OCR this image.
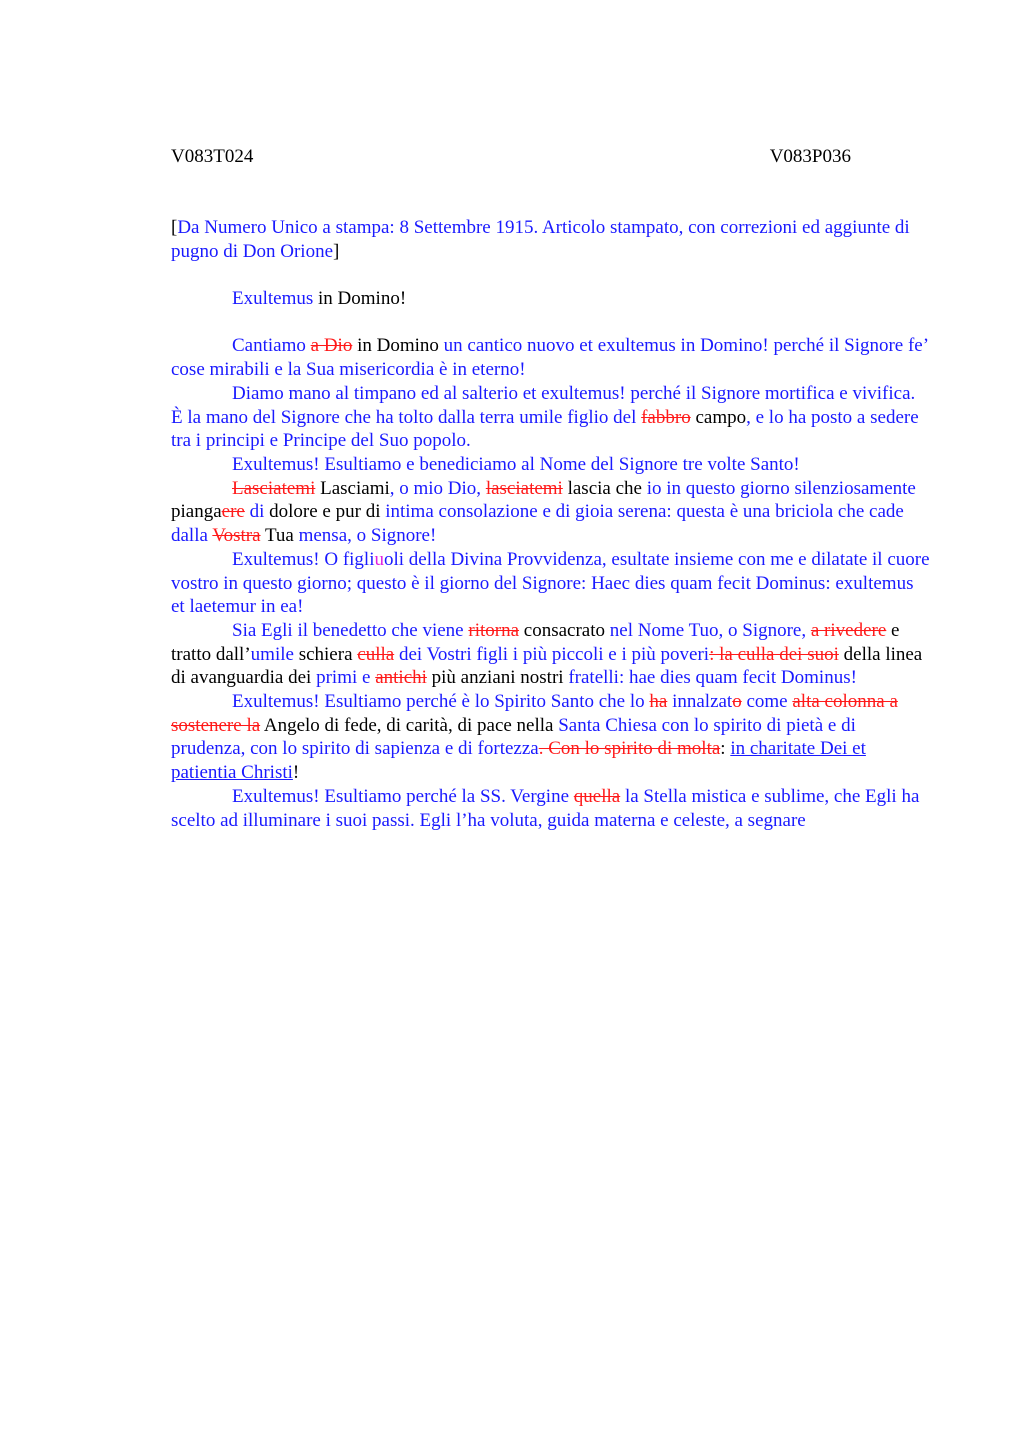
V083T024	V083P036

[Da Numero Unico a stampa: 8 Settembre 1915. Articolo stampato, con correzioni ed aggiunte di pugno di Don Orione]

Exultemus in Domino!

Cantiamo a Dio in Domino un cantico nuovo et exultemus in Domino! perché il Signore fe’ cose mirabili e la Sua misericordia è in eterno!

Diamo mano al timpano ed al salterio et exultemus! perché il Signore mortifica e vivifica. È la mano del Signore che ha tolto dalla terra umile figlio del fabbro campo, e lo ha posto a sedere tra i principi e Principe del Suo popolo.

Exultemus! Esultiamo e benediciamo al Nome del Signore tre volte Santo!

Lasciatemi Lasciami, o mio Dio, lasciatemi lascia che io in questo giorno silenziosamente piangaere di dolore e pur di intima consolazione e di gioia serena: questa è una briciola che cade dalla Vostra Tua mensa, o Signore!

Exultemus! O figliuoli della Divina Provvidenza, esultate insieme con me e dilatate il cuore vostro in questo giorno; questo è il giorno del Signore: Haec dies quam fecit Dominus: exultemus et laetemur in ea!

Sia Egli il benedetto che viene ritorna consacrato nel Nome Tuo, o Signore, a rivedere e tratto dall’umile schiera culla dei Vostri figli i più piccoli e i più poveri: la culla dei suoi della linea di avanguardia dei primi e antichi più anziani nostri fratelli: hae dies quam fecit Dominus!

Exultemus! Esultiamo perché è lo Spirito Santo che lo ha innalzato come alta colonna a sostenere la Angelo di fede, di carità, di pace nella Santa Chiesa con lo spirito di pietà e di prudenza, con lo spirito di sapienza e di fortezza. Con lo spirito di molta: in charitate Dei et patientia Christi!

Exultemus! Esultiamo perché la SS. Vergine quella la Stella mistica e sublime, che Egli ha scelto ad illuminare i suoi passi. Egli l’ha voluta, guida materna e celeste, a segnare
